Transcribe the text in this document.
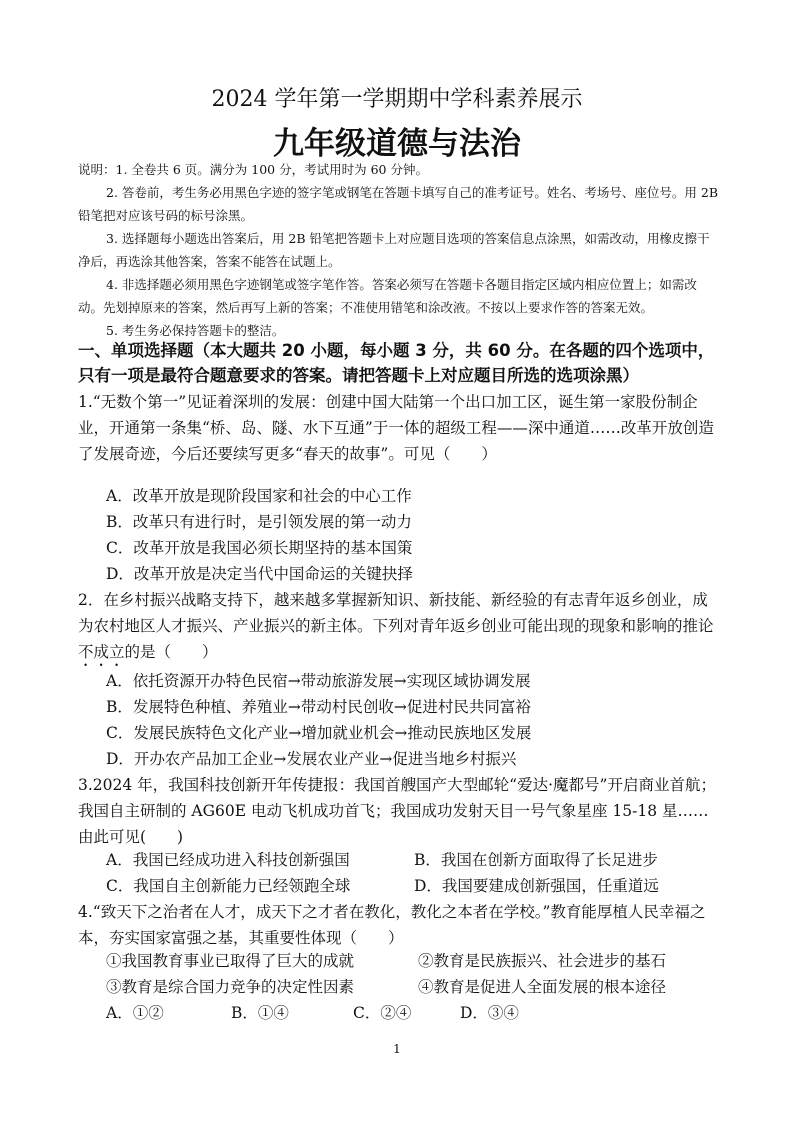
2024 学年第一学期期中学科素养展示
九年级道德与法治

说明：1. 全卷共 6 页。满分为 100 分，考试用时为 60 分钟。

2. 答卷前，考生务必用黑色字迹的签字笔或钢笔在答题卡填写自己的准考证号。姓名、考场号、座位号。用 2B 铅笔把对应该号码的标号涂黑。

3. 选择题每小题选出答案后，用 2B 铅笔把答题卡上对应题目选项的答案信息点涂黑，如需改动，用橡皮擦干净后，再选涂其他答案，答案不能答在试题上。

4. 非选择题必须用黑色字迹钢笔或签字笔作答。答案必须写在答题卡各题目指定区域内相应位置上；如需改动。先划掉原来的答案，然后再写上新的答案；不准使用错笔和涂改液。不按以上要求作答的答案无效。

5. 考生务必保持答题卡的整洁。

一、单项选择题（本大题共 20 小题，每小题 3 分，共 60 分。在各题的四个选项中，只有一项是最符合题意要求的答案。请把答题卡上对应题目所选的选项涂黑）
1.“无数个第一”见证着深圳的发展：创建中国大陆第一个出口加工区，诞生第一家股份制企业，开通第一条集“桥、岛、隧、水下互通”于一体的超级工程——深中通道……改革开放创造了发展奇迹，今后还要续写更多“春天的故事”。可见（　　）
A．改革开放是现阶段国家和社会的中心工作
B．改革只有进行时，是引领发展的第一动力
C．改革开放是我国必须长期坚持的基本国策
D．改革开放是决定当代中国命运的关键抉择

2．在乡村振兴战略支持下，越来越多掌握新知识、新技能、新经验的有志青年返乡创业，成为农村地区人才振兴、产业振兴的新主体。下列对青年返乡创业可能出现的现象和影响的推论不成立的是（　　）

A．依托资源开办特色民宿→带动旅游发展→实现区域协调发展
B．发展特色种植、养殖业→带动村民创收→促进村民共同富裕
C．发展民族特色文化产业→增加就业机会→推动民族地区发展
D．开办农产品加工企业→发展农业产业→促进当地乡村振兴
3.2024 年，我国科技创新开年传捷报：我国首艘国产大型邮轮“爱达·魔都号”开启商业首航；我国自主研制的 AG60E 电动飞机成功首飞；我国成功发射天目一号气象星座 15-18 星……由此可见(　　)
A．我国已经成功进入科技创新强国	B．我国在创新方面取得了长足进步
C．我国自主创新能力已经领跑全球	D．我国要建成创新强国，任重道远
4.“致天下之治者在人才，成天下之才者在教化，教化之本者在学校。”教育能厚植人民幸福之本，夯实国家富强之基，其重要性体现（　　）
①我国教育事业已取得了巨大的成就	②教育是民族振兴、社会进步的基石
③教育是综合国力竞争的决定性因素	④教育是促进人全面发展的根本途径
A．①②	B．①④	C．②④	D．③④
1
